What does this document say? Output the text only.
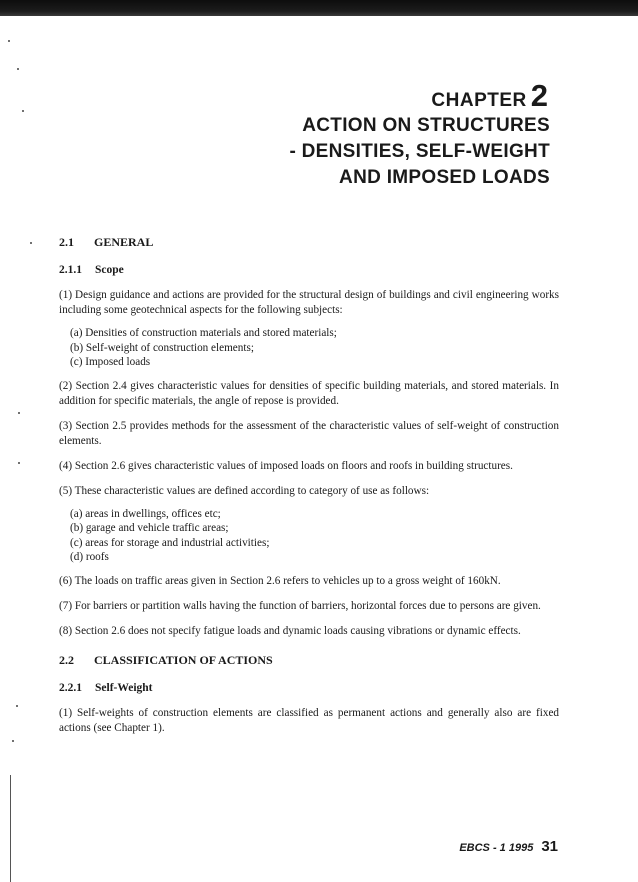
CHAPTER 2
ACTION ON STRUCTURES
- DENSITIES, SELF-WEIGHT
AND IMPOSED LOADS
2.1 GENERAL
2.1.1 Scope

(1) Design guidance and actions are provided for the structural design of buildings and civil engineering works including some geotechnical aspects for the following subjects:

(a) Densities of construction materials and stored materials;
(b) Self-weight of construction elements;
(c) Imposed loads

(2) Section 2.4 gives characteristic values for densities of specific building materials, and stored materials. In addition for specific materials, the angle of repose is provided.

(3) Section 2.5 provides methods for the assessment of the characteristic values of self-weight of construction elements.

(4) Section 2.6 gives characteristic values of imposed loads on floors and roofs in building structures.

(5) These characteristic values are defined according to category of use as follows:

(a) areas in dwellings, offices etc;
(b) garage and vehicle traffic areas;
(c) areas for storage and industrial activities;
(d) roofs

(6) The loads on traffic areas given in Section 2.6 refers to vehicles up to a gross weight of 160kN.

(7) For barriers or partition walls having the function of barriers, horizontal forces due to persons are given.

(8) Section 2.6 does not specify fatigue loads and dynamic loads causing vibrations or dynamic effects.

2.2 CLASSIFICATION OF ACTIONS
2.2.1 Self-Weight

(1) Self-weights of construction elements are classified as permanent actions and generally also are fixed actions (see Chapter 1).

EBCS - 1 1995 31
